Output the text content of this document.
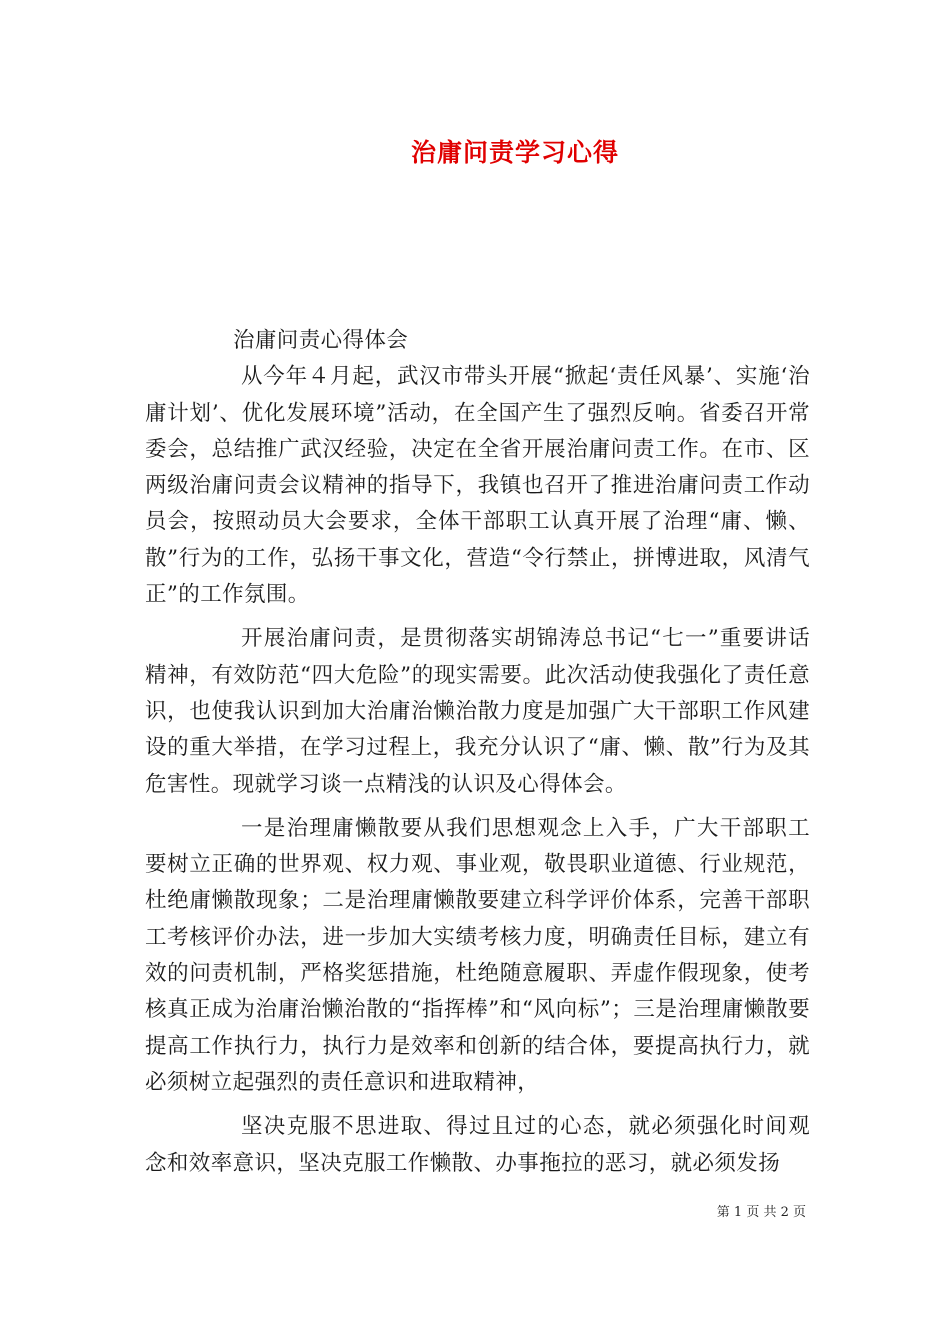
治庸问责学习心得

治庸问责心得体会

从今年４月起，武汉市带头开展“掀起‘责任风暴’、实施‘治庸计划’、优化发展环境”活动，在全国产生了强烈反响。省委召开常委会，总结推广武汉经验，决定在全省开展治庸问责工作。在市、区两级治庸问责会议精神的指导下，我镇也召开了推进治庸问责工作动员会，按照动员大会要求，全体干部职工认真开展了治理“庸、懒、散”行为的工作，弘扬干事文化，营造“令行禁止，拼博进取，风清气正”的工作氛围。

开展治庸问责，是贯彻落实胡锦涛总书记“七一”重要讲话精神，有效防范“四大危险”的现实需要。此次活动使我强化了责任意识，也使我认识到加大治庸治懒治散力度是加强广大干部职工作风建设的重大举措，在学习过程上，我充分认识了“庸、懒、散”行为及其危害性。现就学习谈一点精浅的认识及心得体会。

一是治理庸懒散要从我们思想观念上入手，广大干部职工要树立正确的世界观、权力观、事业观，敬畏职业道德、行业规范，杜绝庸懒散现象；二是治理庸懒散要建立科学评价体系，完善干部职工考核评价办法，进一步加大实绩考核力度，明确责任目标，建立有效的问责机制，严格奖惩措施，杜绝随意履职、弄虚作假现象，使考核真正成为治庸治懒治散的“指挥棒”和“风向标”；三是治理庸懒散要提高工作执行力，执行力是效率和创新的结合体，要提高执行力，就必须树立起强烈的责任意识和进取精神，

坚决克服不思进取、得过且过的心态，就必须强化时间观念和效率意识，坚决克服工作懒散、办事拖拉的恶习，就必须发扬

第 1 页 共 2 页
